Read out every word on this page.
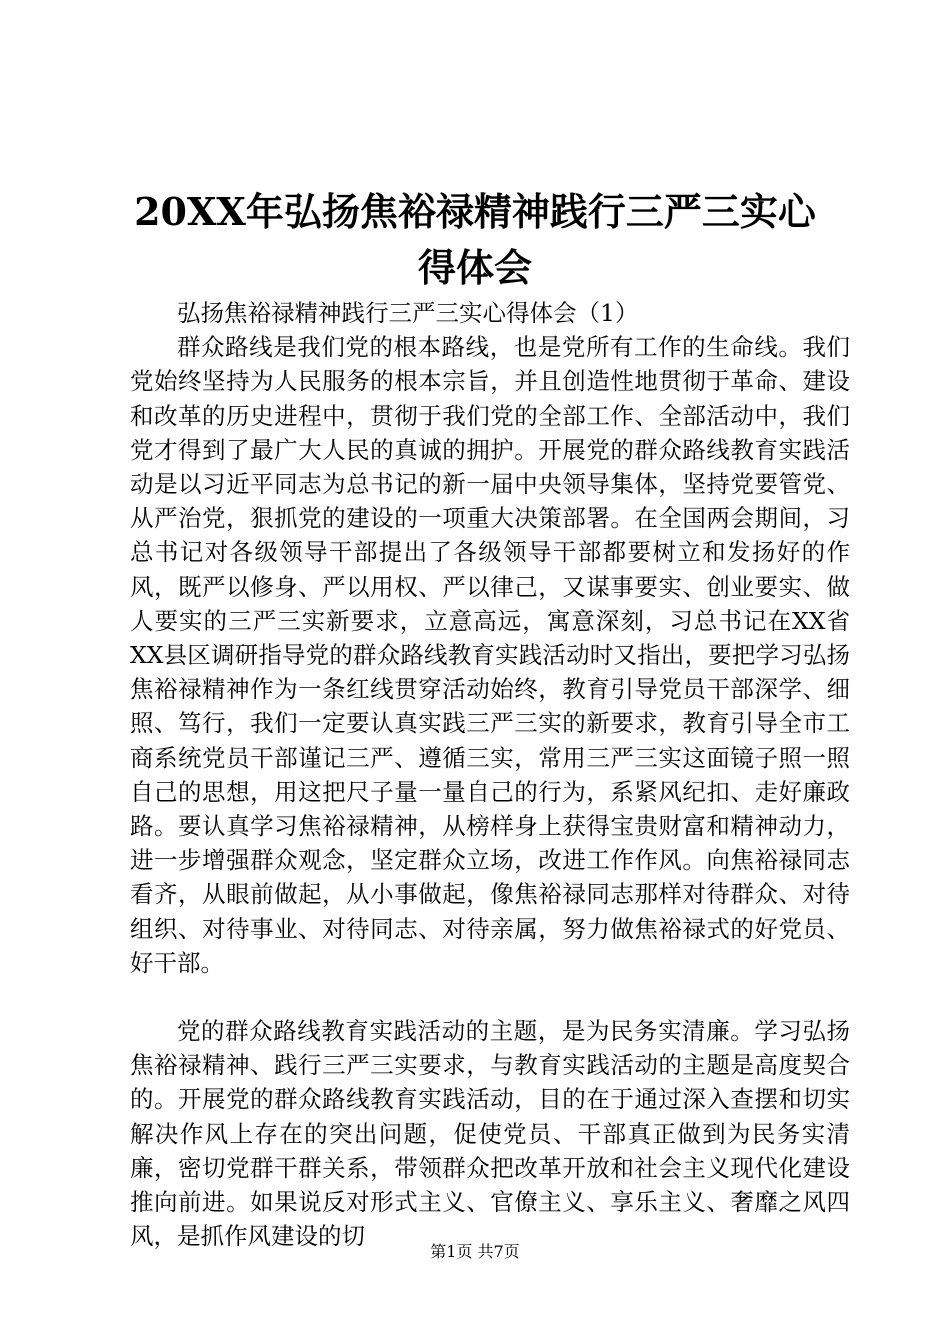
20XX年弘扬焦裕禄精神践行三严三实心得体会

弘扬焦裕禄精神践行三严三实心得体会（1）

群众路线是我们党的根本路线，也是党所有工作的生命线。我们党始终坚持为人民服务的根本宗旨，并且创造性地贯彻于革命、建设和改革的历史进程中，贯彻于我们党的全部工作、全部活动中，我们党才得到了最广大人民的真诚的拥护。开展党的群众路线教育实践活动是以习近平同志为总书记的新一届中央领导集体，坚持党要管党、从严治党，狠抓党的建设的一项重大决策部署。在全国两会期间，习总书记对各级领导干部提出了各级领导干部都要树立和发扬好的作风，既严以修身、严以用权、严以律己，又谋事要实、创业要实、做人要实的三严三实新要求，立意高远，寓意深刻，习总书记在XX省XX县区调研指导党的群众路线教育实践活动时又指出，要把学习弘扬焦裕禄精神作为一条红线贯穿活动始终，教育引导党员干部深学、细照、笃行，我们一定要认真实践三严三实的新要求，教育引导全市工商系统党员干部谨记三严、遵循三实，常用三严三实这面镜子照一照自己的思想，用这把尺子量一量自己的行为，系紧风纪扣、走好廉政路。要认真学习焦裕禄精神，从榜样身上获得宝贵财富和精神动力，进一步增强群众观念，坚定群众立场，改进工作作风。向焦裕禄同志看齐，从眼前做起，从小事做起，像焦裕禄同志那样对待群众、对待组织、对待事业、对待同志、对待亲属，努力做焦裕禄式的好党员、好干部。

党的群众路线教育实践活动的主题，是为民务实清廉。学习弘扬焦裕禄精神、践行三严三实要求，与教育实践活动的主题是高度契合的。开展党的群众路线教育实践活动，目的在于通过深入查摆和切实解决作风上存在的突出问题，促使党员、干部真正做到为民务实清廉，密切党群干群关系，带领群众把改革开放和社会主义现代化建设推向前进。如果说反对形式主义、官僚主义、享乐主义、奢靡之风四风，是抓作风建设的切

第1页 共7页
